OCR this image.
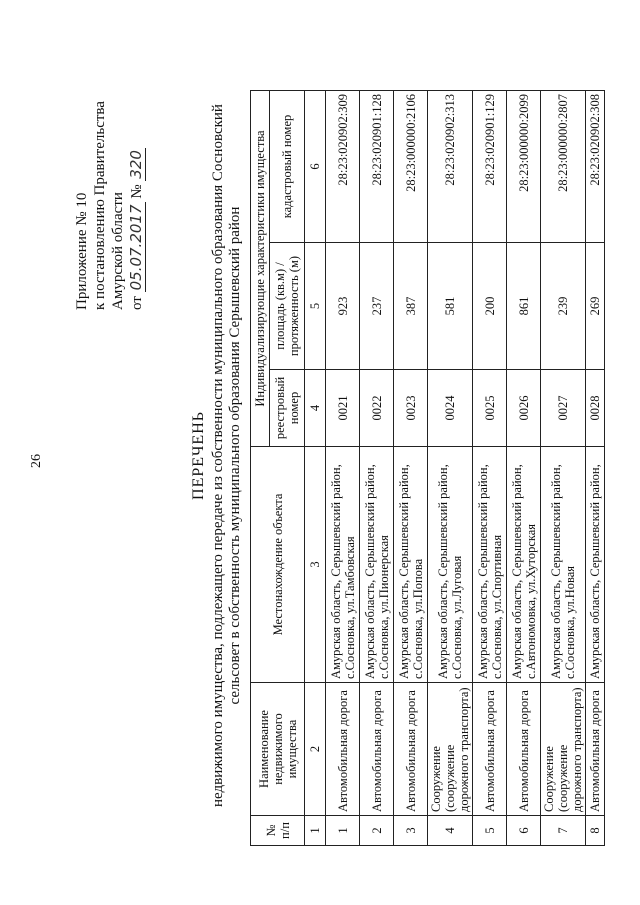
26
Приложение № 10 к постановлению Правительства Амурской области от 05.07.2017 № 320
ПЕРЕЧЕНЬ недвижимого имущества, подлежащего передаче из собственности муниципального образования Сосновский сельсовет в собственность муниципального образования Серышевский район
№ п/п	Наименование недвижимого имущества	Местонахождение объекта	Индивидуализирующие характеристики имущества		
			реестровый номер	площадь (кв.м) / протяженность (м)	кадастровый номер
1	2	3	4	5	6
1	Автомобильная дорога	Амурская область, Серышевский район, с.Сосновка, ул.Тамбовская	0021	923	28:23:020902:309
2	Автомобильная дорога	Амурская область, Серышевский район, с.Сосновка, ул.Пионерская	0022	237	28:23:020901:128
3	Автомобильная дорога	Амурская область, Серышевский район, с.Сосновка, ул.Попова	0023	387	28:23:000000:2106
4	Сооружение (сооружение дорожного транспорта)	Амурская область, Серышевский район, с.Сосновка, ул.Луговая	0024	581	28:23:020902:313
5	Автомобильная дорога	Амурская область, Серышевский район, с.Сосновка, ул.Спортивная	0025	200	28:23:020901:129
6	Автомобильная дорога	Амурская область, Серышевский район, с.Автономовка, ул.Хуторская	0026	861	28:23:000000:2099
7	Сооружение (сооружение дорожного транспорта)	Амурская область, Серышевский район, с.Сосновка, ул.Новая	0027	239	28:23:000000:2807
8	Автомобильная дорога	Амурская область, Серышевский район,	0028	269	28:23:020902:308
